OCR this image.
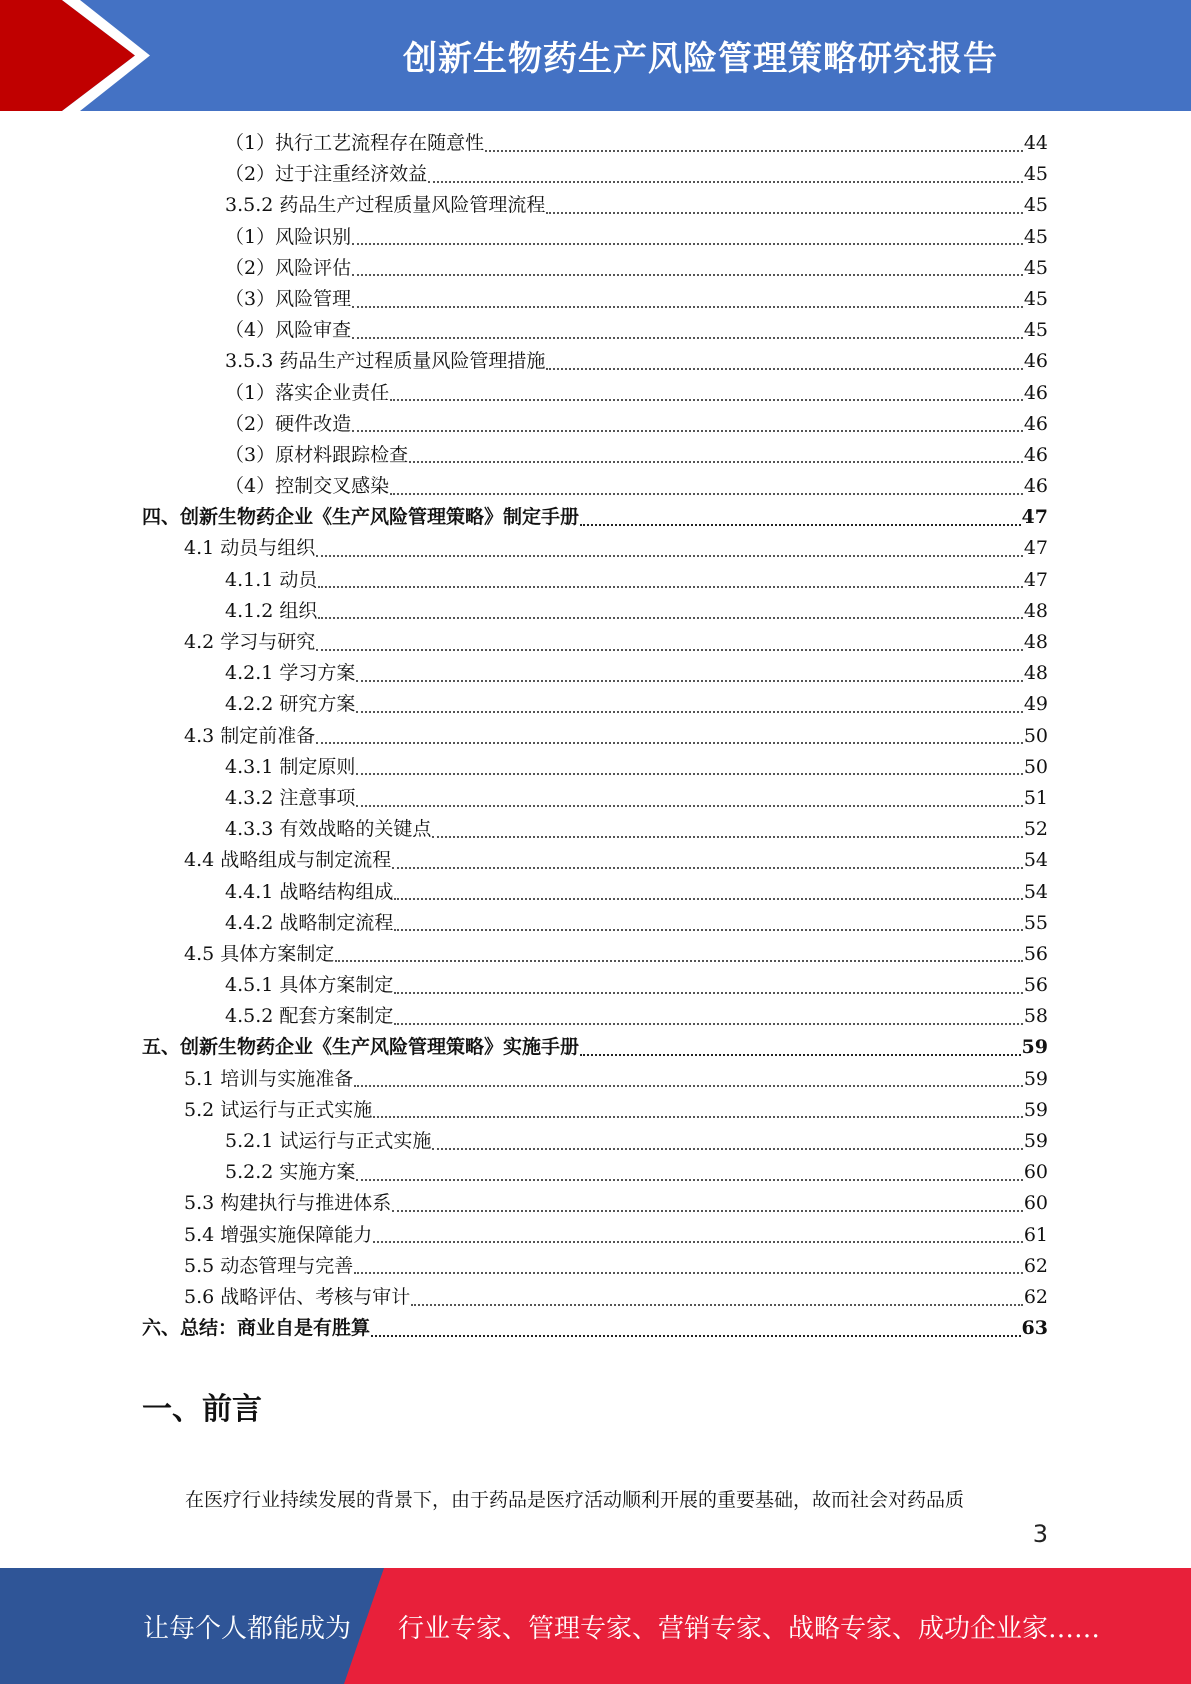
创新生物药生产风险管理策略研究报告
（1）执行工艺流程存在随意性	44
（2）过于注重经济效益	45
3.5.2 药品生产过程质量风险管理流程	45
（1）风险识别	45
（2）风险评估	45
（3）风险管理	45
（4）风险审查	45
3.5.3 药品生产过程质量风险管理措施	46
（1）落实企业责任	46
（2）硬件改造	46
（3）原材料跟踪检查	46
（4）控制交叉感染	46
四、创新生物药企业《生产风险管理策略》制定手册	47
4.1 动员与组织	47
4.1.1 动员	47
4.1.2 组织	48
4.2 学习与研究	48
4.2.1 学习方案	48
4.2.2 研究方案	49
4.3 制定前准备	50
4.3.1 制定原则	50
4.3.2 注意事项	51
4.3.3 有效战略的关键点	52
4.4 战略组成与制定流程	54
4.4.1 战略结构组成	54
4.4.2 战略制定流程	55
4.5 具体方案制定	56
4.5.1 具体方案制定	56
4.5.2 配套方案制定	58
五、创新生物药企业《生产风险管理策略》实施手册	59
5.1 培训与实施准备	59
5.2 试运行与正式实施	59
5.2.1 试运行与正式实施	59
5.2.2 实施方案	60
5.3 构建执行与推进体系	60
5.4 增强实施保障能力	61
5.5 动态管理与完善	62
5.6 战略评估、考核与审计	62
六、总结：商业自是有胜算	63
一、前言
在医疗行业持续发展的背景下，由于药品是医疗活动顺利开展的重要基础，故而社会对药品质
3
让每个人都能成为 行业专家、管理专家、营销专家、战略专家、成功企业家……
